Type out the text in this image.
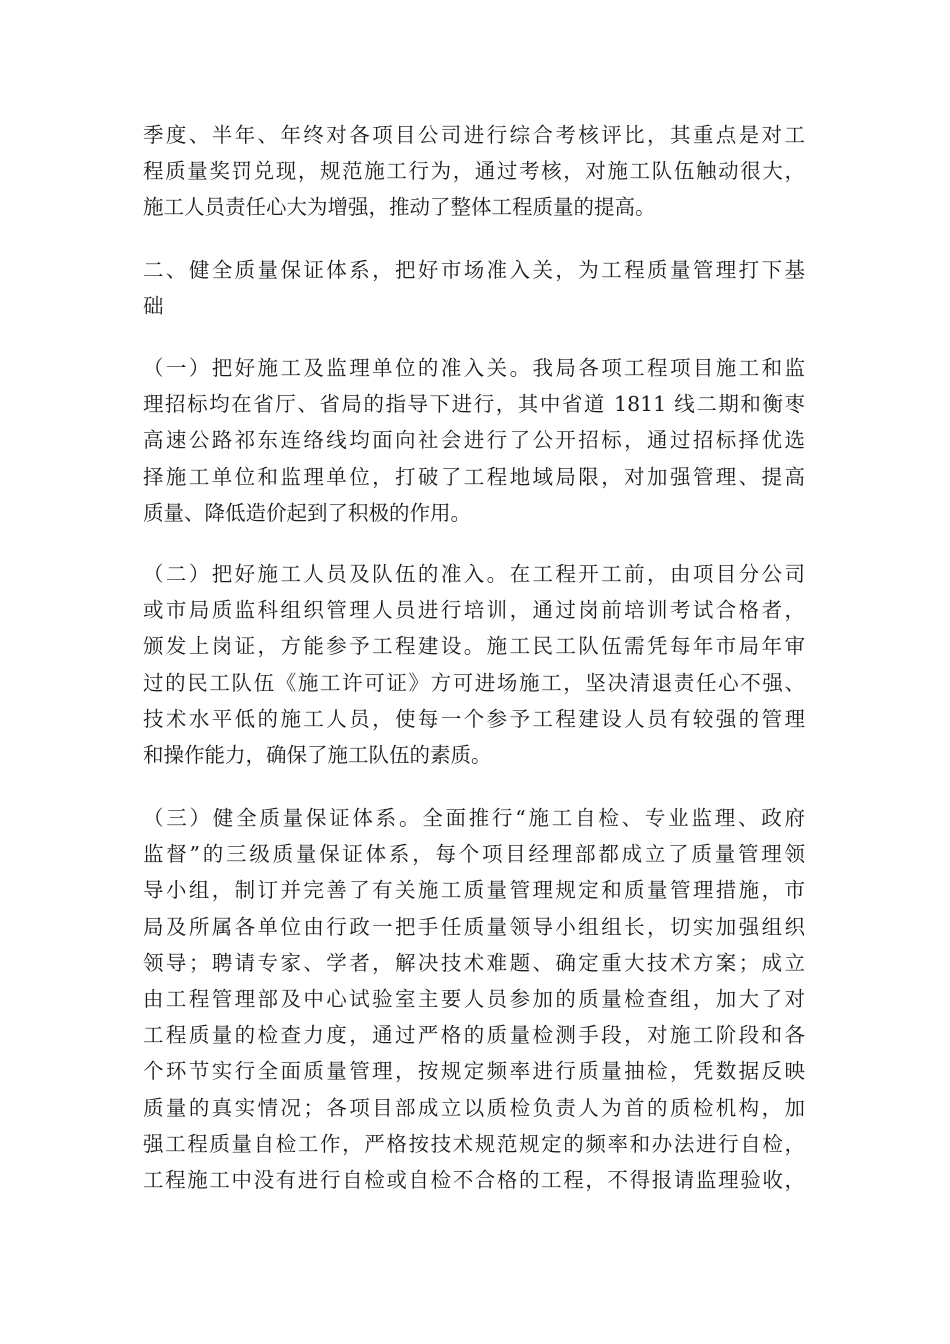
季度、半年、年终对各项目公司进行综合考核评比，其重点是对工
程质量奖罚兑现，规范施工行为，通过考核，对施工队伍触动很大，
施工人员责任心大为增强，推动了整体工程质量的提高。
二、健全质量保证体系，把好市场准入关，为工程质量管理打下基
础
（一）把好施工及监理单位的准入关。我局各项工程项目施工和监
理招标均在省厅、省局的指导下进行，其中省道 1811 线二期和衡枣
高速公路祁东连络线均面向社会进行了公开招标，通过招标择优选
择施工单位和监理单位，打破了工程地域局限，对加强管理、提高
质量、降低造价起到了积极的作用。
（二）把好施工人员及队伍的准入。在工程开工前，由项目分公司
或市局质监科组织管理人员进行培训，通过岗前培训考试合格者，
颁发上岗证，方能参予工程建设。施工民工队伍需凭每年市局年审
过的民工队伍《施工许可证》方可进场施工，坚决清退责任心不强、
技术水平低的施工人员，使每一个参予工程建设人员有较强的管理
和操作能力，确保了施工队伍的素质。
（三）健全质量保证体系。全面推行“施工自检、专业监理、政府
监督”的三级质量保证体系，每个项目经理部都成立了质量管理领
导小组，制订并完善了有关施工质量管理规定和质量管理措施，市
局及所属各单位由行政一把手任质量领导小组组长，切实加强组织
领导；聘请专家、学者，解决技术难题、确定重大技术方案；成立
由工程管理部及中心试验室主要人员参加的质量检查组，加大了对
工程质量的检查力度，通过严格的质量检测手段，对施工阶段和各
个环节实行全面质量管理，按规定频率进行质量抽检，凭数据反映
质量的真实情况；各项目部成立以质检负责人为首的质检机构，加
强工程质量自检工作，严格按技术规范规定的频率和办法进行自检，
工程施工中没有进行自检或自检不合格的工程，不得报请监理验收，
